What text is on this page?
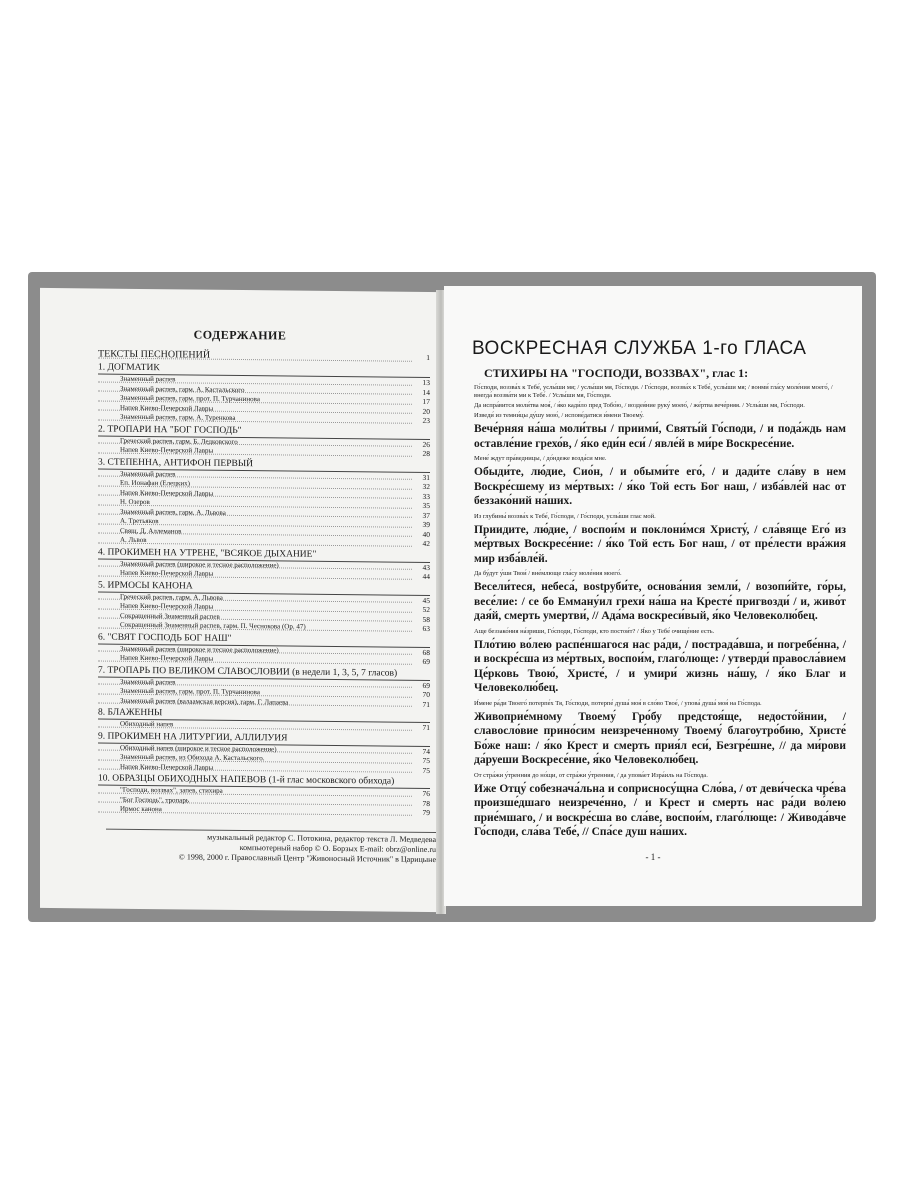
СОДЕРЖАНИЕ
ТЕКСТЫ ПЕСНОПЕНИЙ	1
1. ДОГМАТИК
Знаменный распев	13
Знаменный распев, гарм. А. Кастальского	14
Знаменный распев, гарм. прот. П. Турчанинова	17
Напев Киево-Печерской Лавры	20
Знаменный распев, гарм. А. Туренкова	23
2. ТРОПАРИ НА "БОГ ГОСПОДЬ"
Греческий распев, гарм. Б. Ледковского	26
Напев Киево-Печерской Лавры	28
3. СТЕПЕННА, АНТИФОН ПЕРВЫЙ
Знаменный распев	31
Еп. Ионафан (Елецких)	32
Напев Киево-Печерской Лавры	33
Н. Озеров	35
Знаменный распев, гарм. А. Львова	37
А. Третьяков	39
Свящ. Д. Аллеманов	40
А. Львов	42
4. ПРОКИМЕН НА УТРЕНЕ, "ВСЯКОЕ ДЫХАНИЕ"
Знаменный распев (широкое и тесное расположение)	43
Напев Киево-Печерской Лавры	44
5. ИРМОСЫ КАНОНА
Греческий распев, гарм. А. Львова	45
Напев Киево-Печерской Лавры	52
Сокращенный Знаменный распев	58
Сокращенный Знаменный распев, гарм. П. Чеснокова (Ор. 47)	63
6. "СВЯТ ГОСПОДЬ БОГ НАШ"
Знаменный распев (широкое и тесное расположение)	68
Напев Киево-Печерской Лавры	69
7. ТРОПАРЬ ПО ВЕЛИКОМ СЛАВОСЛОВИИ (в недели 1, 3, 5, 7 гласов)
Знаменный распев	69
Знаменный распев, гарм. прот. П. Турчанинова	70
Знаменный распев (валаамская версия), гарм. Г. Лапаева	71
8. БЛАЖЕННЫ
Обиходный напев	71
9. ПРОКИМЕН НА ЛИТУРГИИ, АЛЛИЛУИЯ
Обиходный напев (широкое и тесное расположение)	74
Знаменный распев, из Обихода А. Кастальского.	75
Напев Киево-Печерской Лавры	75
10. ОБРАЗЦЫ ОБИХОДНЫХ НАПЕВОВ (1-й глас московского обихода)
"Господи, воззвах", запев, стихира	76
"Бог Господь", тропарь	78
Ирмос канона	79
музыкальный редактор С. Потокина, редактор текста Л. Медведева
компьютерный набор © О. Борзых E-mail: obrz@online.ru
© 1998, 2000 г. Православный Центр "Живоносный Источник" в Царицыне
ВОСКРЕСНАЯ СЛУЖБА 1-го ГЛАСА
СТИХИРЫ НА "ГОСПОДИ, ВОЗЗВАХ", глас 1:

Го́споди, воззва́х к Тебе́, услы́ши мя; / услы́ши мя, Го́споди. / Го́споди, воззва́х к Тебе́, услы́ши мя; / вонми́ гла́су моле́ния моего́, / внегда́ воззва́ти ми к Тебе́. / Услы́ши мя, Го́споди.

Да испра́вится моли́тва моя́, / я́ко кади́ло пред Тобо́ю, / воздея́ние руку́ моею́, / же́ртва вече́рняя. / Услы́ши мя, Го́споди.

Изведи́ из темни́цы ду́шу мою́, / испове́датися и́мени Твоему́.

Вече́рняя на́ша моли́твы / приими́, Святы́й Го́споди, / и пода́ждь нам оставле́ние грехо́в, / я́ко еди́н еси́ / явле́й в ми́ре Воскресе́ние.

Мене́ ждут пра́ведницы, / до́ндеже возда́си мне.

Обыди́те, лю́дие, Сио́н, / и обыми́те его́, / и дади́те сла́ву в нем Воскре́сшему из ме́ртвых: / я́ко Той есть Бог наш, / изба́вле́й нас от беззако́ний на́ших.

Из глубины́ воззва́х к Тебе́, Го́споди, / Го́споди, услы́ши глас мой.

Приидите, лю́дие, / воспои́м и поклони́мся Христу́, / сла́вяще Его́ из ме́ртвых Воскресе́ние: / я́ко Той есть Бог наш, / от пре́лести вра́жия мир изба́вле́й.

Да бу́дут у́ши Твои́ / вне́млюще гла́су моле́ния моего́.

Весели́теся, небеса́, вostруби́те, основа́ния земли́, / возопи́йте, го́ры, весе́лие: / се бо Емману́ил грехи́ на́ша на Кресте́ пригвозди́ / и, живо́т дая́й, смерть умертви́, // Ада́ма воскреси́вый, я́ко Человеколю́бец.

Аще беззако́ния на́зриши, Го́споди, Го́споди, кто постои́т? / Я́ко у Тебе́ очище́ние есть.

Пло́тию во́лею распе́ншагося нас ра́ди, / пострада́вша, и погребе́нна, / и воскре́сша из ме́ртвых, воспои́м, глаго́люще: / утверди́ правосла́вием Це́рковь Твою́, Христе́, / и умири́ жизнь на́шу, / я́ко Благ и Человеколю́бец.

И́мене ра́ди Твоего́ потерпе́х Тя, Го́споди, потерпе́ душа́ моя́ в сло́во Твое́, / упова́ душа́ моя́ на Го́спода.

Живоприе́мному Твоему́ Гро́бу предстоя́ще, недосто́йнии, / славосло́вие прино́сим неизрече́нному Твоему́ благоутро́бию, Христе́ Бо́же наш: / я́ко Крест и смерть прия́л еси́, Безгре́шне, // да ми́рови да́руеши Воскресе́ние, я́ко Человеколю́бец.

От стра́жи у́тренния до но́щи, от стра́жи у́тренния, / да упова́ет Изра́иль на Го́спода.

Иже Отцу́ собезнача́льна и соприсносу́щна Сло́ва, / от деви́ческа чре́ва произше́дшаго неизрече́нно, / и Крест и смерть нас ра́ди во́лею прие́мшаго, / и воскре́сша во сла́ве, воспои́м, глаго́люще: / Живода́вче Го́споди, сла́ва Тебе́, // Спа́се душ на́ших.

- 1 -
